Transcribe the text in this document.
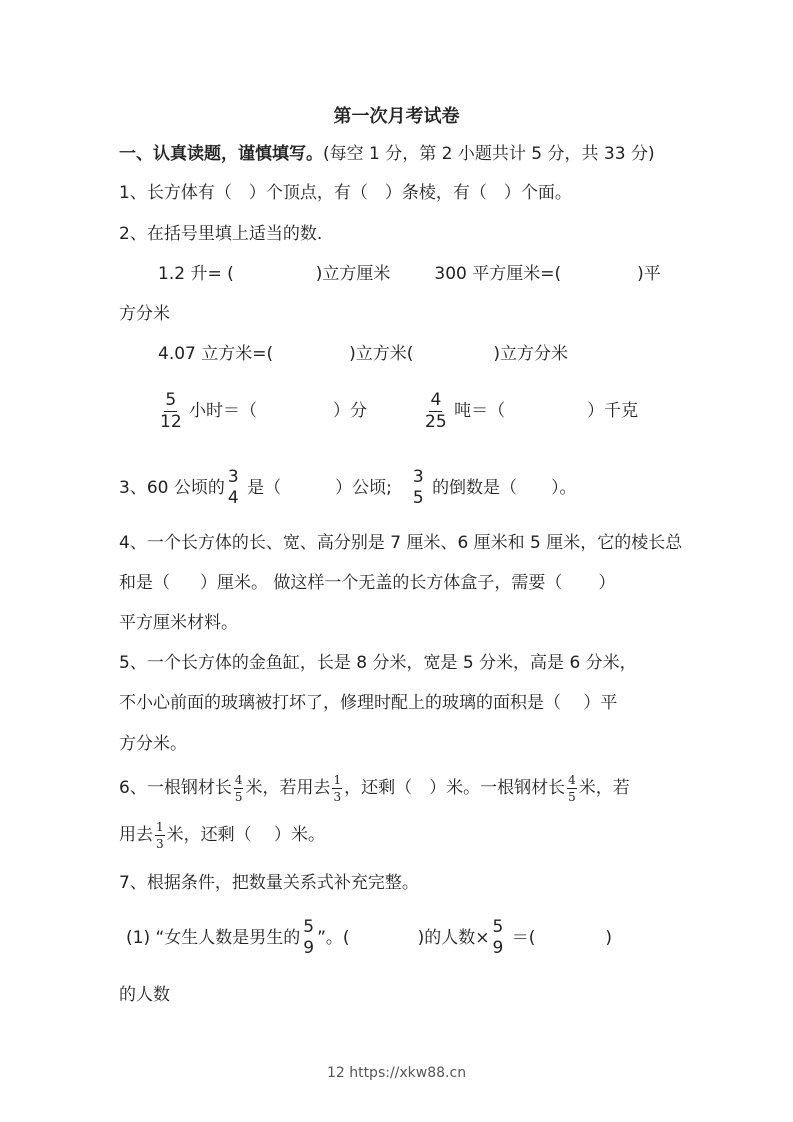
第一次月考试卷
一、认真读题，谨慎填写。(每空 1 分，第 2 小题共计 5 分，共 33 分)
1、长方体有（　）个顶点，有（　）条棱，有（　）个面。
2、在括号里填上适当的数.
1.2 升= (	)立方厘米	300 平方厘米=(	)平
方分米
4.07 立方米=(	)立方米(	)立方分米
$\frac{5}{12}$ 小时＝（	）分	$\frac{4}{25}$ 吨＝（	）千克
3、60 公顷的
3
4 是（	）公顷;
3
5 的倒数是（ ）。
4、一个长方体的长、宽、高分别是 7 厘米、6 厘米和 5 厘米，它的棱长总
和是（ ）厘米。 做这样一个无盖的长方体盒子，需要（ ）
平方厘米材料。
5、一个长方体的金鱼缸，长是 8 分米，宽是 5 分米，高是 6 分米，
不小心前面的玻璃被打坏了，修理时配上的玻璃的面积是（　 ）平
方分米。
6、一根钢材长 $\frac{4}{5}$ 米，若用去 $\frac{1}{3}$ ，还剩（　）米。一根钢材长 $\frac{4}{5}$ 米，若
用去 $\frac{1}{3}$ 米，还剩（　 ）米。
7、根据条件，把数量关系式补充完整。
(1) “女生人数是男生的
5
9 ”。(	)的人数×
5
9 ＝(	)
的人数
12 https://xkw88.cn
